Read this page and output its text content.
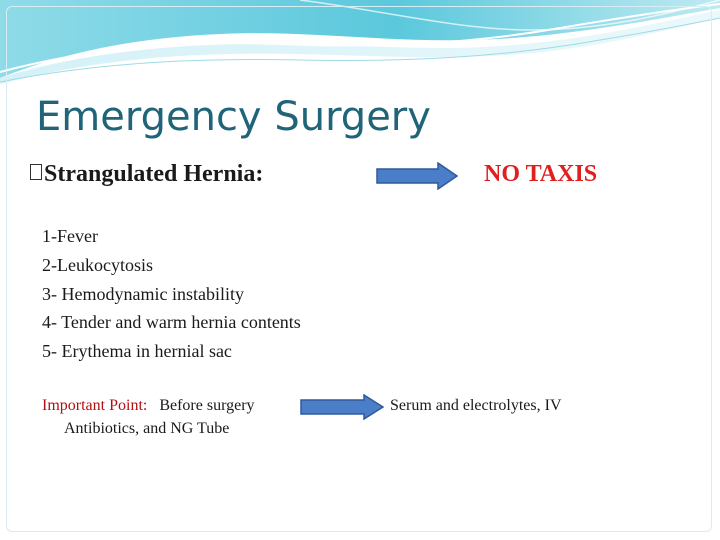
Emergency Surgery
Strangulated Hernia:	NO TAXIS
1-Fever
2-Leukocytosis
3- Hemodynamic instability
4- Tender and warm hernia contents
5- Erythema in hernial sac
Important Point: Before surgery	Serum and electrolytes, IV
Antibiotics, and NG Tube
